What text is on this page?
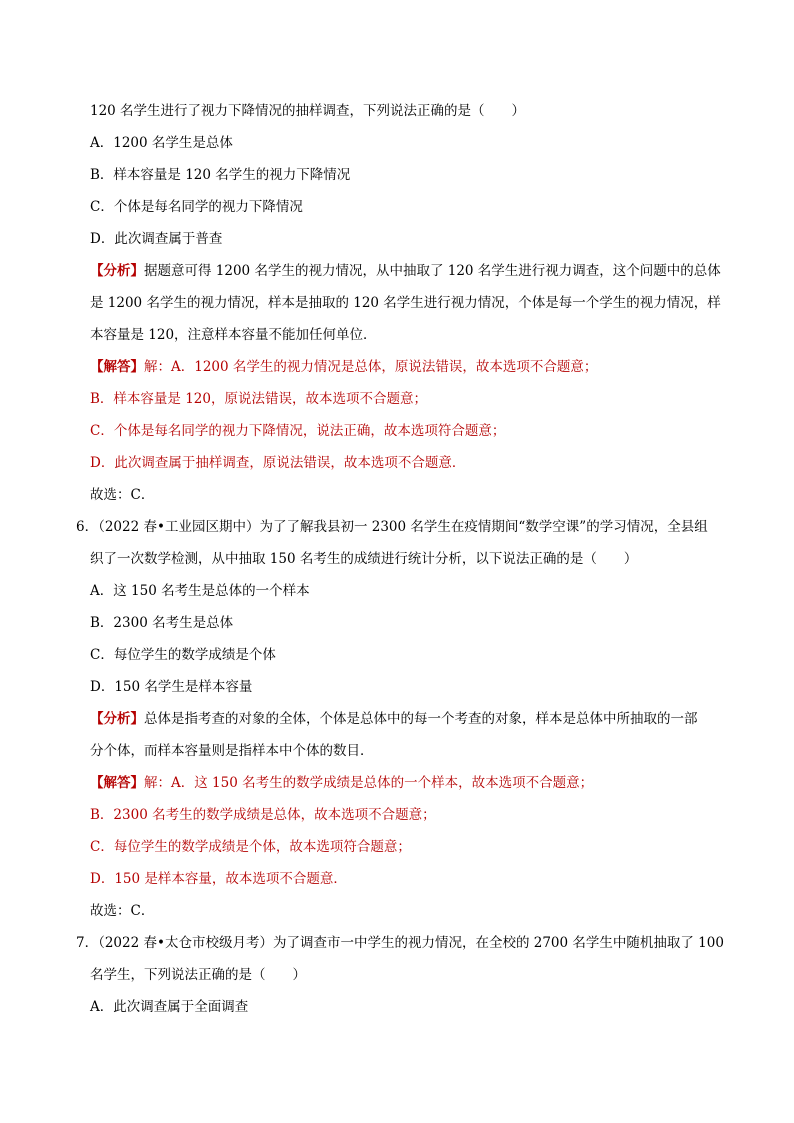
120 名学生进行了视力下降情况的抽样调查，下列说法正确的是（　　）
A．1200 名学生是总体
B．样本容量是 120 名学生的视力下降情况
C．个体是每名同学的视力下降情况
D．此次调查属于普查
【分析】据题意可得 1200 名学生的视力情况，从中抽取了 120 名学生进行视力调查，这个问题中的总体
是 1200 名学生的视力情况，样本是抽取的 120 名学生进行视力情况，个体是每一个学生的视力情况，样
本容量是 120，注意样本容量不能加任何单位．
【解答】解：A．1200 名学生的视力情况是总体，原说法错误，故本选项不合题意；
B．样本容量是 120，原说法错误，故本选项不合题意；
C．个体是每名同学的视力下降情况，说法正确，故本选项符合题意；
D．此次调查属于抽样调查，原说法错误，故本选项不合题意．
故选：C．
6．（2022 春•工业园区期中）为了了解我县初一 2300 名学生在疫情期间“数学空课”的学习情况，全县组
织了一次数学检测，从中抽取 150 名考生的成绩进行统计分析，以下说法正确的是（　　）
A．这 150 名考生是总体的一个样本
B．2300 名考生是总体
C．每位学生的数学成绩是个体
D．150 名学生是样本容量
【分析】总体是指考查的对象的全体，个体是总体中的每一个考查的对象，样本是总体中所抽取的一部
分个体，而样本容量则是指样本中个体的数目．
【解答】解：A．这 150 名考生的数学成绩是总体的一个样本，故本选项不合题意；
B．2300 名考生的数学成绩是总体，故本选项不合题意；
C．每位学生的数学成绩是个体，故本选项符合题意；
D．150 是样本容量，故本选项不合题意．
故选：C．
7．（2022 春•太仓市校级月考）为了调查市一中学生的视力情况，在全校的 2700 名学生中随机抽取了 100
名学生，下列说法正确的是（　　）
A．此次调查属于全面调查
